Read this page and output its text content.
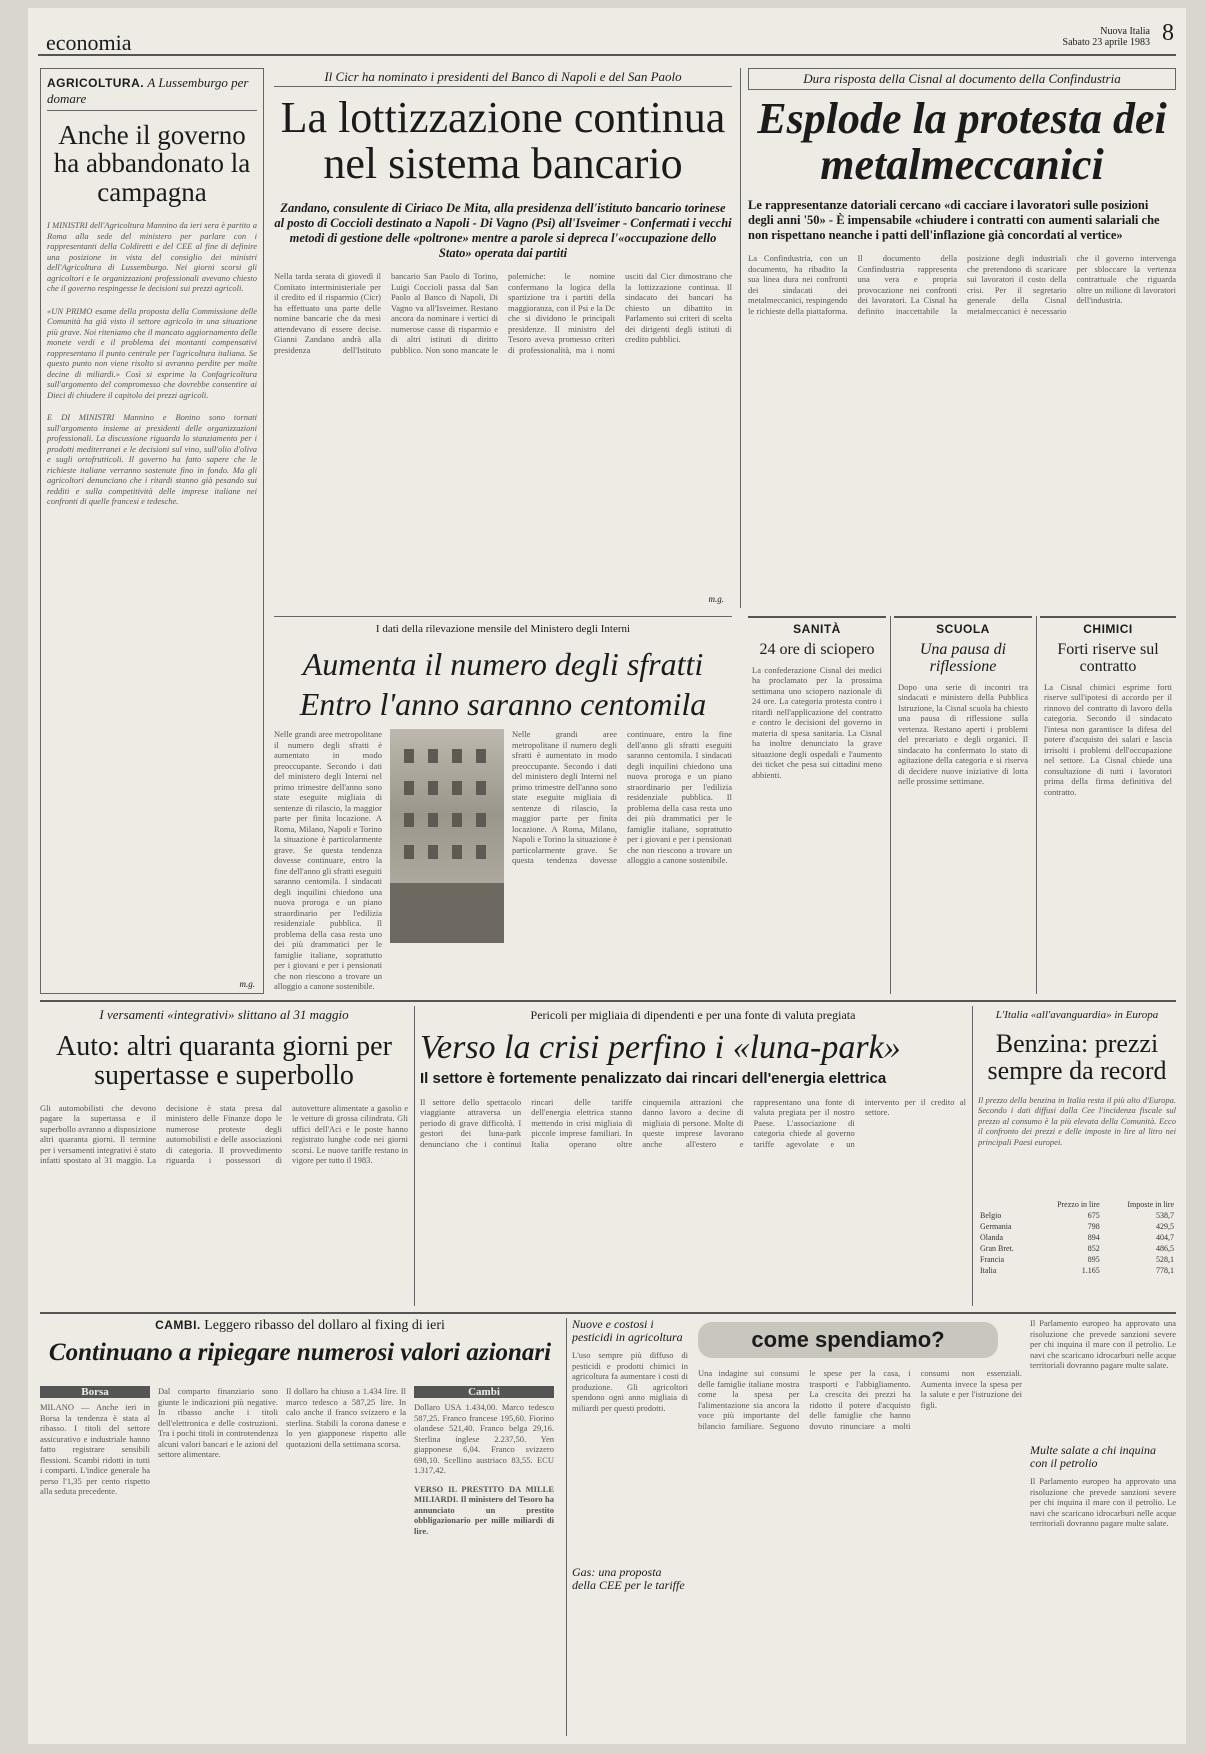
economia	Nuova Italia
Sabato 23 aprile 1983 8
AGRICOLTURA. A Lussemburgo per domare
Anche il governo ha abbandonato la campagna
I MINISTRI dell'Agricoltura Mannino da ieri sera è partito a Roma alla sede del ministero per parlare con i rappresentanti della Coldiretti e del CEE al fine di definire una posizione in vista del consiglio dei ministri dell'Agricoltura di Lussemburgo. Nei giorni scorsi gli agricoltori e le organizzazioni professionali avevano chiesto che il governo respingesse le decisioni sui prezzi agricoli.
«UN PRIMO esame della proposta della Commissione delle Comunità ha già visto il settore agricolo in una situazione più grave. Noi riteniamo che il mancato aggiornamento delle monete verdi e il problema dei montanti compensativi rappresentano il punto centrale per l'agricoltura italiana. Se questo punto non viene risolto si avranno perdite per molte decine di miliardi.» Così si esprime la Confagricoltura sull'argomento del compromesso che dovrebbe consentire ai Dieci di chiudere il capitolo dei prezzi agricoli.
E DI MINISTRI Mannino e Bonino sono tornati sull'argomento insieme ai presidenti delle organizzazioni professionali. La discussione riguarda lo stanziamento per i prodotti mediterranei e le decisioni sul vino, sull'olio d'oliva e sugli ortofrutticoli. Il governo ha fatto sapere che le richieste italiane verranno sostenute fino in fondo. Ma gli agricoltori denunciano che i ritardi stanno già pesando sui redditi e sulla competitività delle imprese italiane nei confronti di quelle francesi e tedesche.
m.g.
Il Cicr ha nominato i presidenti del Banco di Napoli e del San Paolo
La lottizzazione continua nel sistema bancario
Zandano, consulente di Ciriaco De Mita, alla presidenza dell'istituto bancario torinese al posto di Coccioli destinato a Napoli - Di Vagno (Psi) all'Isveimer - Confermati i vecchi metodi di gestione delle «poltrone» mentre a parole si depreca l'«occupazione dello Stato» operata dai partiti
Nella tarda serata di giovedì il Comitato interministeriale per il credito ed il risparmio (Cicr) ha effettuato una parte delle nomine bancarie che da mesi attendevano di essere decise. Gianni Zandano andrà alla presidenza dell'Istituto bancario San Paolo di Torino, Luigi Coccioli passa dal San Paolo al Banco di Napoli, Di Vagno va all'Isveimer. Restano ancora da nominare i vertici di numerose casse di risparmio e di altri istituti di diritto pubblico. Non sono mancate le polemiche: le nomine confermano la logica della spartizione tra i partiti della maggioranza, con il Psi e la Dc che si dividono le principali presidenze. Il ministro del Tesoro aveva promesso criteri di professionalità, ma i nomi usciti dal Cicr dimostrano che la lottizzazione continua. Il sindacato dei bancari ha chiesto un dibattito in Parlamento sui criteri di scelta dei dirigenti degli istituti di credito pubblici.
m.g.
Dura risposta della Cisnal al documento della Confindustria
Esplode la protesta dei metalmeccanici
Le rappresentanze datoriali cercano «di cacciare i lavoratori sulle posizioni degli anni '50» - È impensabile «chiudere i contratti con aumenti salariali che non rispettano neanche i patti dell'inflazione già concordati al vertice»
La Confindustria, con un documento, ha ribadito la sua linea dura nei confronti dei sindacati dei metalmeccanici, respingendo le richieste della piattaforma. Il documento della Confindustria rappresenta una vera e propria provocazione nei confronti dei lavoratori. La Cisnal ha definito inaccettabile la posizione degli industriali che pretendono di scaricare sui lavoratori il costo della crisi. Per il segretario generale della Cisnal metalmeccanici è necessario che il governo intervenga per sbloccare la vertenza contrattuale che riguarda oltre un milione di lavoratori dell'industria.
I dati della rilevazione mensile del Ministero degli Interni
Aumenta il numero degli sfratti
Entro l'anno saranno centomila
Nelle grandi aree metropolitane il numero degli sfratti è aumentato in modo preoccupante. Secondo i dati del ministero degli Interni nel primo trimestre dell'anno sono state eseguite migliaia di sentenze di rilascio, la maggior parte per finita locazione. A Roma, Milano, Napoli e Torino la situazione è particolarmente grave. Se questa tendenza dovesse continuare, entro la fine dell'anno gli sfratti eseguiti saranno centomila. I sindacati degli inquilini chiedono una nuova proroga e un piano straordinario per l'edilizia residenziale pubblica. Il problema della casa resta uno dei più drammatici per le famiglie italiane, soprattutto per i giovani e per i pensionati che non riescono a trovare un alloggio a canone sostenibile.
Nelle grandi aree metropolitane il numero degli sfratti è aumentato in modo preoccupante. Secondo i dati del ministero degli Interni nel primo trimestre dell'anno sono state eseguite migliaia di sentenze di rilascio, la maggior parte per finita locazione. A Roma, Milano, Napoli e Torino la situazione è particolarmente grave. Se questa tendenza dovesse continuare, entro la fine dell'anno gli sfratti eseguiti saranno centomila. I sindacati degli inquilini chiedono una nuova proroga e un piano straordinario per l'edilizia residenziale pubblica. Il problema della casa resta uno dei più drammatici per le famiglie italiane, soprattutto per i giovani e per i pensionati che non riescono a trovare un alloggio a canone sostenibile.
SANITÀ
24 ore di sciopero
La confederazione Cisnal dei medici ha proclamato per la prossima settimana uno sciopero nazionale di 24 ore. La categoria protesta contro i ritardi nell'applicazione del contratto e contro le decisioni del governo in materia di spesa sanitaria. La Cisnal ha inoltre denunciato la grave situazione degli ospedali e l'aumento dei ticket che pesa sui cittadini meno abbienti.
SCUOLA
Una pausa di riflessione
Dopo una serie di incontri tra sindacati e ministero della Pubblica Istruzione, la Cisnal scuola ha chiesto una pausa di riflessione sulla vertenza. Restano aperti i problemi del precariato e degli organici. Il sindacato ha confermato lo stato di agitazione della categoria e si riserva di decidere nuove iniziative di lotta nelle prossime settimane.
CHIMICI
Forti riserve sul contratto
La Cisnal chimici esprime forti riserve sull'ipotesi di accordo per il rinnovo del contratto di lavoro della categoria. Secondo il sindacato l'intesa non garantisce la difesa del potere d'acquisto dei salari e lascia irrisolti i problemi dell'occupazione nel settore. La Cisnal chiede una consultazione di tutti i lavoratori prima della firma definitiva del contratto.
I versamenti «integrativi» slittano al 31 maggio
Auto: altri quaranta giorni per supertasse e superbollo
Gli automobilisti che devono pagare la supertassa e il superbollo avranno a disposizione altri quaranta giorni. Il termine per i versamenti integrativi è stato infatti spostato al 31 maggio. La decisione è stata presa dal ministero delle Finanze dopo le numerose proteste degli automobilisti e delle associazioni di categoria. Il provvedimento riguarda i possessori di autovetture alimentate a gasolio e le vetture di grossa cilindrata. Gli uffici dell'Aci e le poste hanno registrato lunghe code nei giorni scorsi. Le nuove tariffe restano in vigore per tutto il 1983.
Pericoli per migliaia di dipendenti e per una fonte di valuta pregiata
Verso la crisi perfino i «luna-park»
Il settore è fortemente penalizzato dai rincari dell'energia elettrica
Il settore dello spettacolo viaggiante attraversa un periodo di grave difficoltà. I gestori dei luna-park denunciano che i continui rincari delle tariffe dell'energia elettrica stanno mettendo in crisi migliaia di piccole imprese familiari. In Italia operano oltre cinquemila attrazioni che danno lavoro a decine di migliaia di persone. Molte di queste imprese lavorano anche all'estero e rappresentano una fonte di valuta pregiata per il nostro Paese. L'associazione di categoria chiede al governo tariffe agevolate e un intervento per il credito al settore.
L'Italia «all'avanguardia» in Europa
Benzina: prezzi sempre da record
Il prezzo della benzina in Italia resta il più alto d'Europa. Secondo i dati diffusi dalla Cee l'incidenza fiscale sul prezzo al consumo è la più elevata della Comunità. Ecco il confronto dei prezzi e delle imposte in lire al litro nei principali Paesi europei.
	Prezzo in lire	Imposte in lire
Belgio	675	538,7
Germania	798	429,5
Olanda	894	404,7
Gran Bret.	852	486,5
Francia	895	528,1
Italia	1.165	778,1
CAMBI. Leggero ribasso del dollaro al fixing di ieri
Continuano a ripiegare numerosi valori azionari
Borsa
MILANO — Anche ieri in Borsa la tendenza è stata al ribasso. I titoli del settore assicurativo e industriale hanno fatto registrare sensibili flessioni. Scambi ridotti in tutti i comparti. L'indice generale ha perso l'1,35 per cento rispetto alla seduta precedente.
Dal comparto finanziario sono giunte le indicazioni più negative. In ribasso anche i titoli dell'elettronica e delle costruzioni. Tra i pochi titoli in controtendenza alcuni valori bancari e le azioni del settore alimentare.
Il dollaro ha chiuso a 1.434 lire. Il marco tedesco a 587,25 lire. In calo anche il franco svizzero e la sterlina. Stabili la corona danese e lo yen giapponese rispetto alle quotazioni della settimana scorsa.
Cambi
Dollaro USA 1.434,00. Marco tedesco 587,25. Franco francese 195,60. Fiorino olandese 521,40. Franco belga 29,16. Sterlina inglese 2.237,50. Yen giapponese 6,04. Franco svizzero 698,10. Scellino austriaco 83,55. ECU 1.317,42.
VERSO IL PRESTITO DA MILLE MILIARDI. Il ministero del Tesoro ha annunciato un prestito obbligazionario per mille miliardi di lire.
Nuove e costosi i pesticidi in agricoltura
L'uso sempre più diffuso di pesticidi e prodotti chimici in agricoltura fa aumentare i costi di produzione. Gli agricoltori spendono ogni anno migliaia di miliardi per questi prodotti.
Gas: una proposta della CEE per le tariffe
come spendiamo?
Una indagine sui consumi delle famiglie italiane mostra come la spesa per l'alimentazione sia ancora la voce più importante del bilancio familiare. Seguono le spese per la casa, i trasporti e l'abbigliamento. La crescita dei prezzi ha ridotto il potere d'acquisto delle famiglie che hanno dovuto rinunciare a molti consumi non essenziali. Aumenta invece la spesa per la salute e per l'istruzione dei figli.
Il Parlamento europeo ha approvato una risoluzione che prevede sanzioni severe per chi inquina il mare con il petrolio. Le navi che scaricano idrocarburi nelle acque territoriali dovranno pagare multe salate.
Multe salate a chi inquina con il petrolio
Il Parlamento europeo ha approvato una risoluzione che prevede sanzioni severe per chi inquina il mare con il petrolio. Le navi che scaricano idrocarburi nelle acque territoriali dovranno pagare multe salate.
